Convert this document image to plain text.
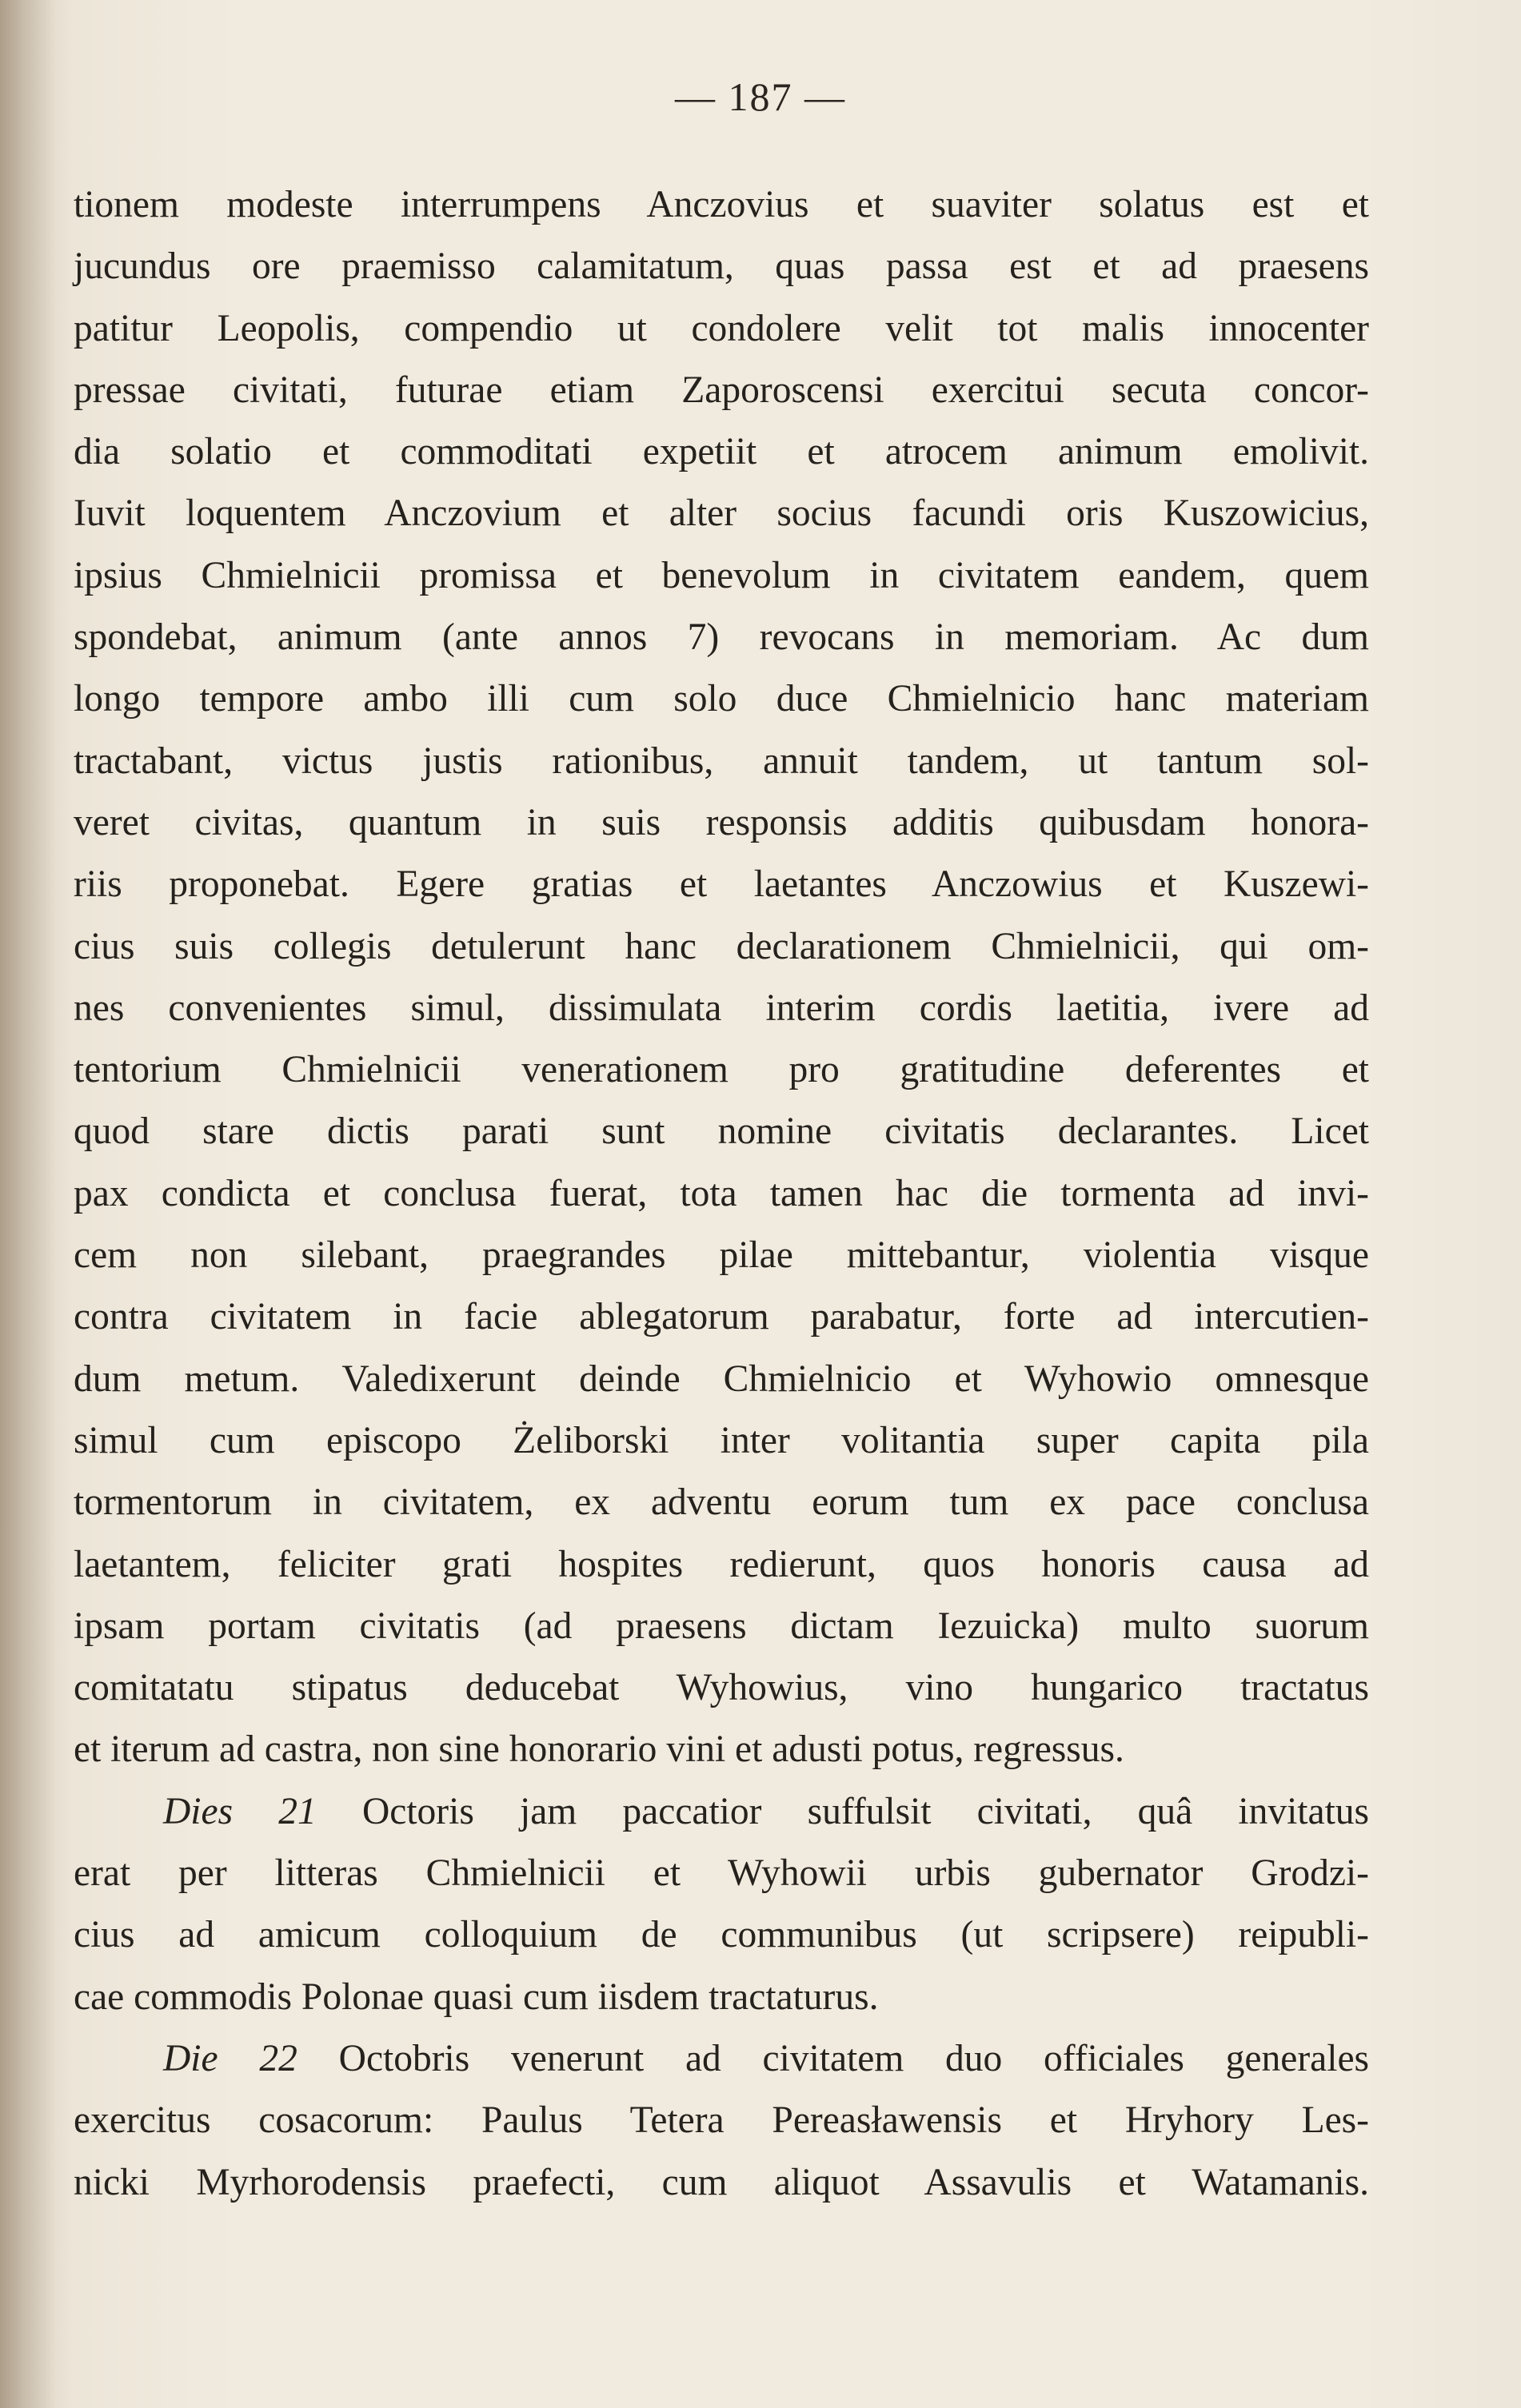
— 187 —
tionem modeste interrumpens Anczovius et suaviter solatus est et
jucundus ore praemisso calamitatum, quas passa est et ad praesens
patitur Leopolis, compendio ut condolere velit tot malis innocenter
pressae civitati, futurae etiam Zaporoscensi exercitui secuta concor-
dia solatio et commoditati expetiit et atrocem animum emolivit.
Iuvit loquentem Anczovium et alter socius facundi oris Kuszowicius,
ipsius Chmielnicii promissa et benevolum in civitatem eandem, quem
spondebat, animum (ante annos 7) revocans in memoriam. Ac dum
longo tempore ambo illi cum solo duce Chmielnicio hanc materiam
tractabant, victus justis rationibus, annuit tandem, ut tantum sol-
veret civitas, quantum in suis responsis additis quibusdam honora-
riis proponebat. Egere gratias et laetantes Anczowius et Kuszewi-
cius suis collegis detulerunt hanc declarationem Chmielnicii, qui om-
nes convenientes simul, dissimulata interim cordis laetitia, ivere ad
tentorium Chmielnicii venerationem pro gratitudine deferentes et
quod stare dictis parati sunt nomine civitatis declarantes. Licet
pax condicta et conclusa fuerat, tota tamen hac die tormenta ad invi-
cem non silebant, praegrandes pilae mittebantur, violentia visque
contra civitatem in facie ablegatorum parabatur, forte ad intercutien-
dum metum. Valedixerunt deinde Chmielnicio et Wyhowio omnesque
simul cum episcopo Żeliborski inter volitantia super capita pila
tormentorum in civitatem, ex adventu eorum tum ex pace conclusa
laetantem, feliciter grati hospites redierunt, quos honoris causa ad
ipsam portam civitatis (ad praesens dictam Iezuicka) multo suorum
comitatatu stipatus deducebat Wyhowius, vino hungarico tractatus
et iterum ad castra, non sine honorario vini et adusti potus, regressus.
Dies 21 Octoris jam paccatior suffulsit civitati, quâ invitatus
erat per litteras Chmielnicii et Wyhowii urbis gubernator Grodzi-
cius ad amicum colloquium de communibus (ut scripsere) reipubli-
cae commodis Polonae quasi cum iisdem tractaturus.
Die 22 Octobris venerunt ad civitatem duo officiales generales
exercitus cosacorum: Paulus Tetera Pereasławensis et Hryhory Les-
nicki Myrhorodensis praefecti, cum aliquot Assavulis et Watamanis.
